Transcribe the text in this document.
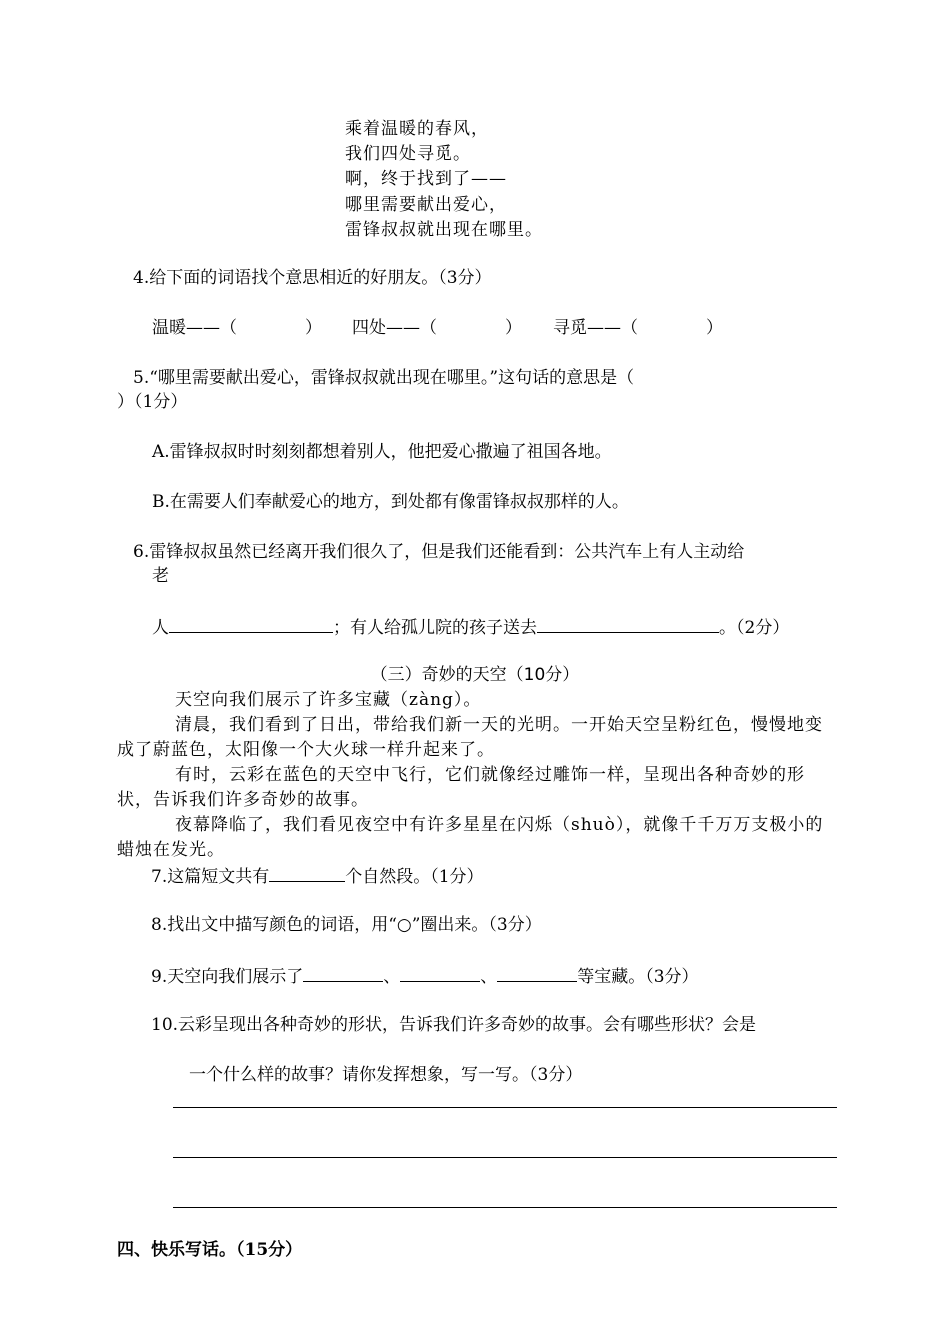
乘着温暖的春风，
我们四处寻觅。
啊，终于找到了——
哪里需要献出爱心，
雷锋叔叔就出现在哪里。
4.给下面的词语找个意思相近的好朋友。（3分）
温暖——（	） 四处——（	） 寻觅——（	）
5.“哪里需要献出爱心，雷锋叔叔就出现在哪里。”这句话的意思是（
）（1分）
A.雷锋叔叔时时刻刻都想着别人，他把爱心撒遍了祖国各地。
B.在需要人们奉献爱心的地方，到处都有像雷锋叔叔那样的人。
6.雷锋叔叔虽然已经离开我们很久了，但是我们还能看到：公共汽车上有人主动给
老
人	；有人给孤儿院的孩子送去	。（2分）
（三）奇妙的天空（10分）
天空向我们展示了许多宝藏（zàng）。
清晨，我们看到了日出，带给我们新一天的光明。一开始天空呈粉红色，慢慢地变成了蔚蓝色，太阳像一个大火球一样升起来了。
有时，云彩在蓝色的天空中飞行，它们就像经过雕饰一样，呈现出各种奇妙的形状，告诉我们许多奇妙的故事。
夜幕降临了，我们看见夜空中有许多星星在闪烁（shuò），就像千千万万支极小的蜡烛在发光。
7.这篇短文共有	个自然段。（1分）
8.找出文中描写颜色的词语，用“○”圈出来。（3分）
9.天空向我们展示了	、	、	等宝藏。（3分）
10.云彩呈现出各种奇妙的形状，告诉我们许多奇妙的故事。会有哪些形状？会是
一个什么样的故事？请你发挥想象，写一写。（3分）
四、快乐写话。（15分）
